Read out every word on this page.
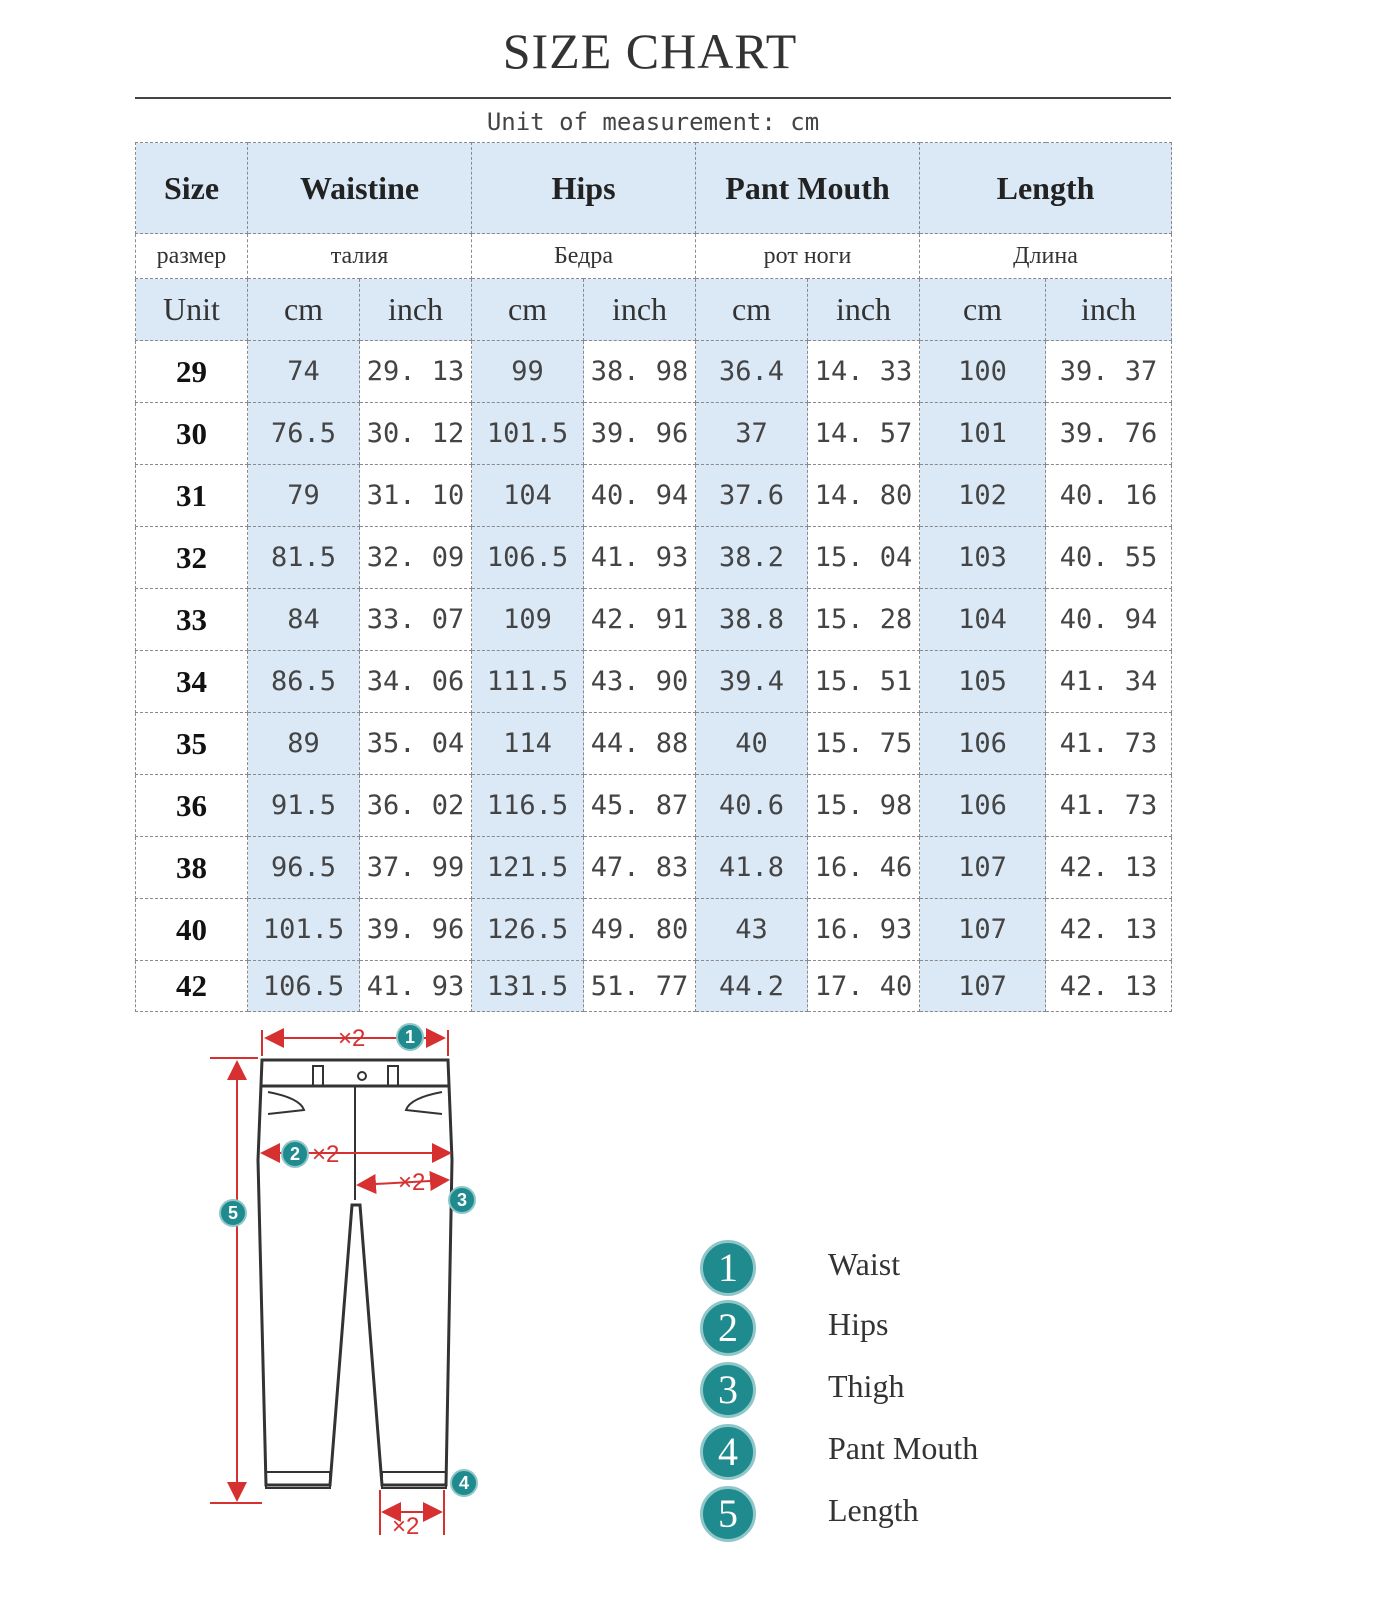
SIZE CHART
Unit of measurement: cm
Size	Waistine		Hips		Pant Mouth		Length	
размер	талия		Бедра		рот ноги		Длина	
Unit	cm	inch	cm	inch	cm	inch	cm	inch
29	74	29. 13	99	38. 98	36.4	14. 33	100	39. 37
30	76.5	30. 12	101.5	39. 96	37	14. 57	101	39. 76
31	79	31. 10	104	40. 94	37.6	14. 80	102	40. 16
32	81.5	32. 09	106.5	41. 93	38.2	15. 04	103	40. 55
33	84	33. 07	109	42. 91	38.8	15. 28	104	40. 94
34	86.5	34. 06	111.5	43. 90	39.4	15. 51	105	41. 34
35	89	35. 04	114	44. 88	40	15. 75	106	41. 73
36	91.5	36. 02	116.5	45. 87	40.6	15. 98	106	41. 73
38	96.5	37. 99	121.5	47. 83	41.8	16. 46	107	42. 13
40	101.5	39. 96	126.5	49. 80	43	16. 93	107	42. 13
42	106.5	41. 93	131.5	51. 77	44.2	17. 40	107	42. 13
×2
×2
×2
×2
1
2
3
4
5
1	Waist
2	Hips
3	Thigh
4	Pant Mouth
5	Length
